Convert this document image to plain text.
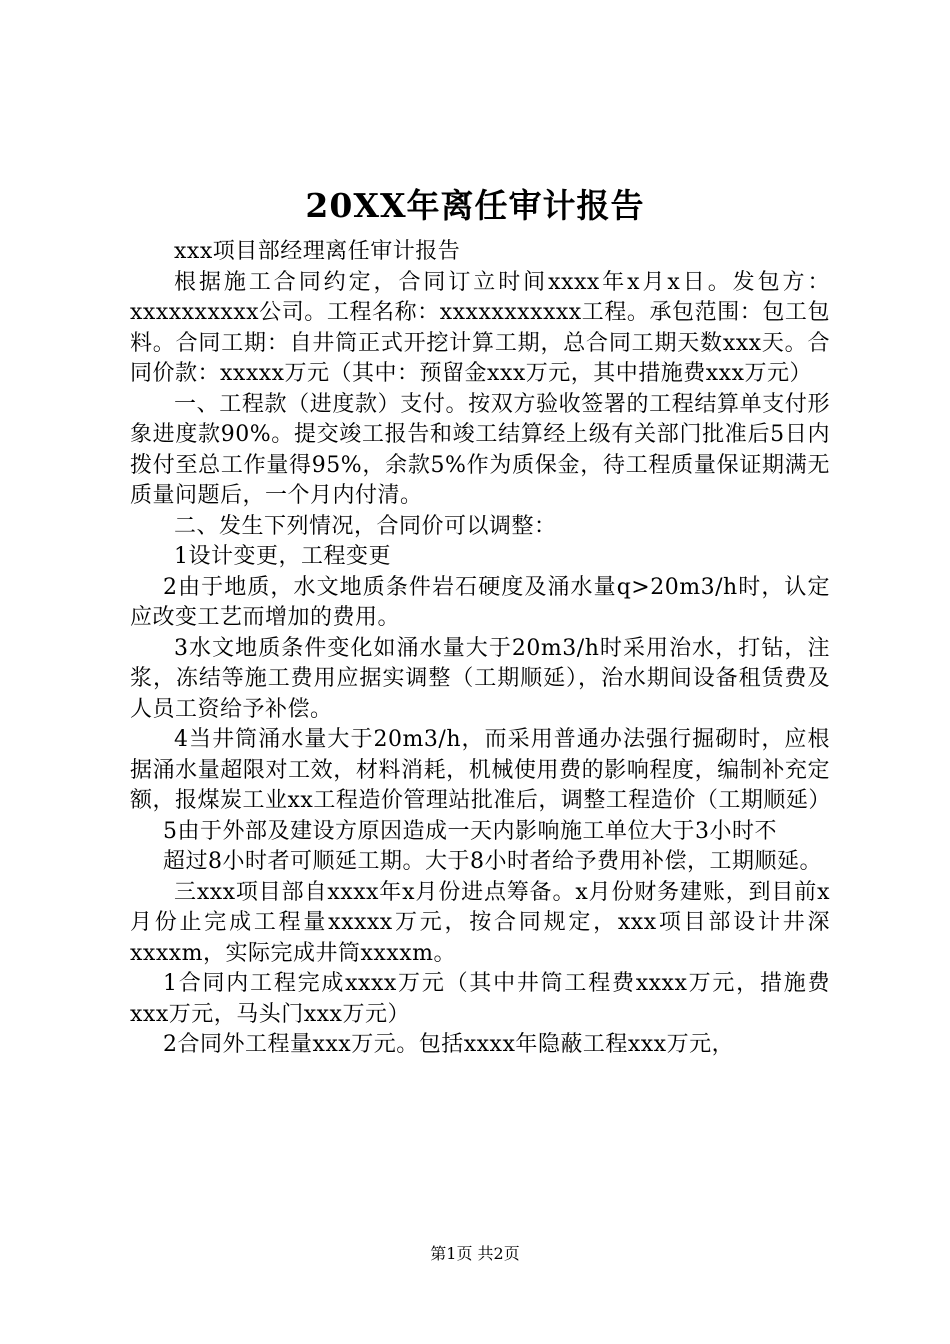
20XX年离任审计报告

xxx项目部经理离任审计报告

根据施工合同约定，合同订立时间xxxx年x月x日。发包方：xxxxxxxxxx公司。工程名称：xxxxxxxxxxx工程。承包范围：包工包料。合同工期：自井筒正式开挖计算工期，总合同工期天数xxx天。合同价款：xxxxx万元（其中：预留金xxx万元，其中措施费xxx万元）

一、工程款（进度款）支付。按双方验收签署的工程结算单支付形象进度款90%。提交竣工报告和竣工结算经上级有关部门批准后5日内拨付至总工作量得95%，余款5%作为质保金，待工程质量保证期满无质量问题后，一个月内付清。

二、发生下列情况，合同价可以调整：

1设计变更，工程变更

2由于地质，水文地质条件岩石硬度及涌水量q>20m3/h时，认定应改变工艺而增加的费用。

3水文地质条件变化如涌水量大于20m3/h时采用治水，打钻，注浆，冻结等施工费用应据实调整（工期顺延），治水期间设备租赁费及人员工资给予补偿。

4当井筒涌水量大于20m3/h，而采用普通办法强行掘砌时，应根据涌水量超限对工效，材料消耗，机械使用费的影响程度，编制补充定额，报煤炭工业xx工程造价管理站批准后，调整工程造价（工期顺延）

5由于外部及建设方原因造成一天内影响施工单位大于3小时不

超过8小时者可顺延工期。大于8小时者给予费用补偿，工期顺延。

三xxx项目部自xxxx年x月份进点筹备。x月份财务建账，到目前x月份止完成工程量xxxxx万元，按合同规定，xxx项目部设计井深xxxxm，实际完成井筒xxxxm。

1合同内工程完成xxxx万元（其中井筒工程费xxxx万元，措施费xxx万元，马头门xxx万元）

2合同外工程量xxx万元。包括xxxx年隐蔽工程xxx万元，

第1页 共2页
